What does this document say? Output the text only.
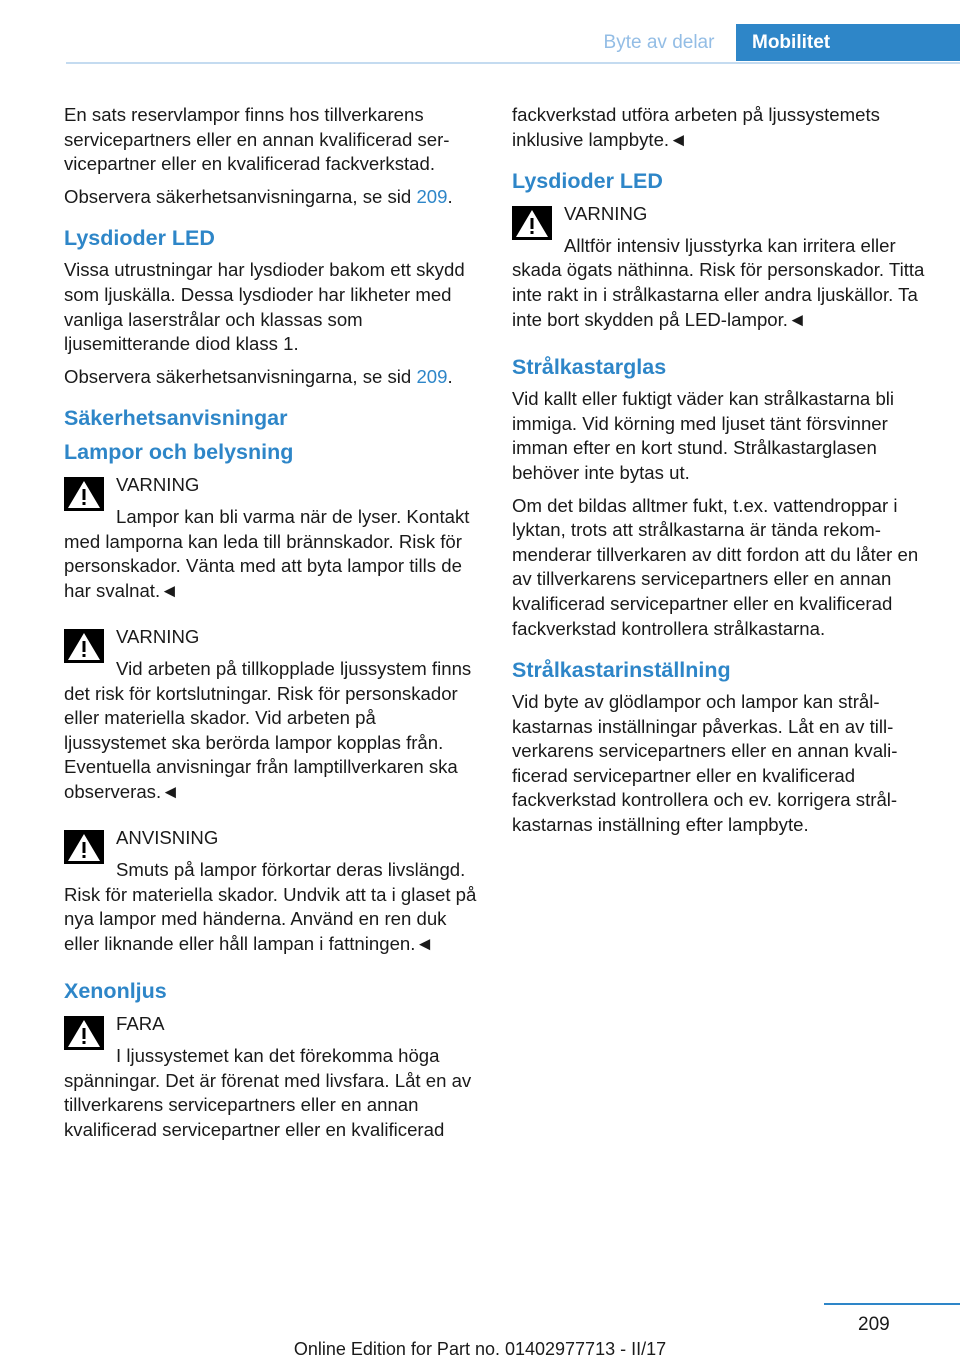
Byte av delar	Mobilitet

En sats reservlampor finns hos tillverkarens servicepartners eller en annan kvalificerad servicepartner eller en kvalificerad fackverkstad.

Observera säkerhetsanvisningarna, se sid 209.

Lysdioder LED

Vissa utrustningar har lysdioder bakom ett skydd som ljuskälla. Dessa lysdioder har likheter med vanliga laserstrålar och klassas som ljusemitterande diod klass 1.

Observera säkerhetsanvisningarna, se sid 209.

Säkerhetsanvisningar
Lampor och belysning
VARNING
Lampor kan bli varma när de lyser. Kontakt med lamporna kan leda till brännskador. Risk för personskador. Vänta med att byta lampor tills de har svalnat.◄
VARNING
Vid arbeten på tillkopplade ljussystem finns det risk för kortslutningar. Risk för personskador eller materiella skador. Vid arbeten på ljussystemet ska berörda lampor kopplas från. Eventuella anvisningar från lamptillverkaren ska observeras.◄
ANVISNING
Smuts på lampor förkortar deras livslängd. Risk för materiella skador. Undvik att ta i glaset på nya lampor med händerna. Använd en ren duk eller liknande eller håll lampan i fattningen.◄
Xenonljus
FARA
I ljussystemet kan det förekomma höga spänningar. Det är förenat med livsfara. Låt en av tillverkarens servicepartners eller en annan kvalificerad servicepartner eller en kvalificerad

fackverkstad utföra arbeten på ljussystemets inklusive lampbyte.◄

Lysdioder LED
VARNING
Alltför intensiv ljusstyrka kan irritera eller skada ögats näthinna. Risk för personskador. Titta inte rakt in i strålkastarna eller andra ljuskällor. Ta inte bort skydden på LED-lampor.◄
Strålkastarglas

Vid kallt eller fuktigt väder kan strålkastarna bli immiga. Vid körning med ljuset tänt försvinner imman efter en kort stund. Strålkastarglasen behöver inte bytas ut.

Om det bildas alltmer fukt, t.ex. vattendroppar i lyktan, trots att strålkastarna är tända rekommenderar tillverkaren av ditt fordon att du låter en av tillverkarens servicepartners eller en annan kvalificerad servicepartner eller en kvalificerad fackverkstad kontrollera strålkastarna.

Strålkastarinställning

Vid byte av glödlampor och lampor kan strålkastarnas inställningar påverkas. Låt en av tillverkarens servicepartners eller en annan kvalificerad servicepartner eller en kvalificerad fackverkstad kontrollera och ev. korrigera strålkastarnas inställning efter lampbyte.

209
Online Edition for Part no. 01402977713 - II/17
